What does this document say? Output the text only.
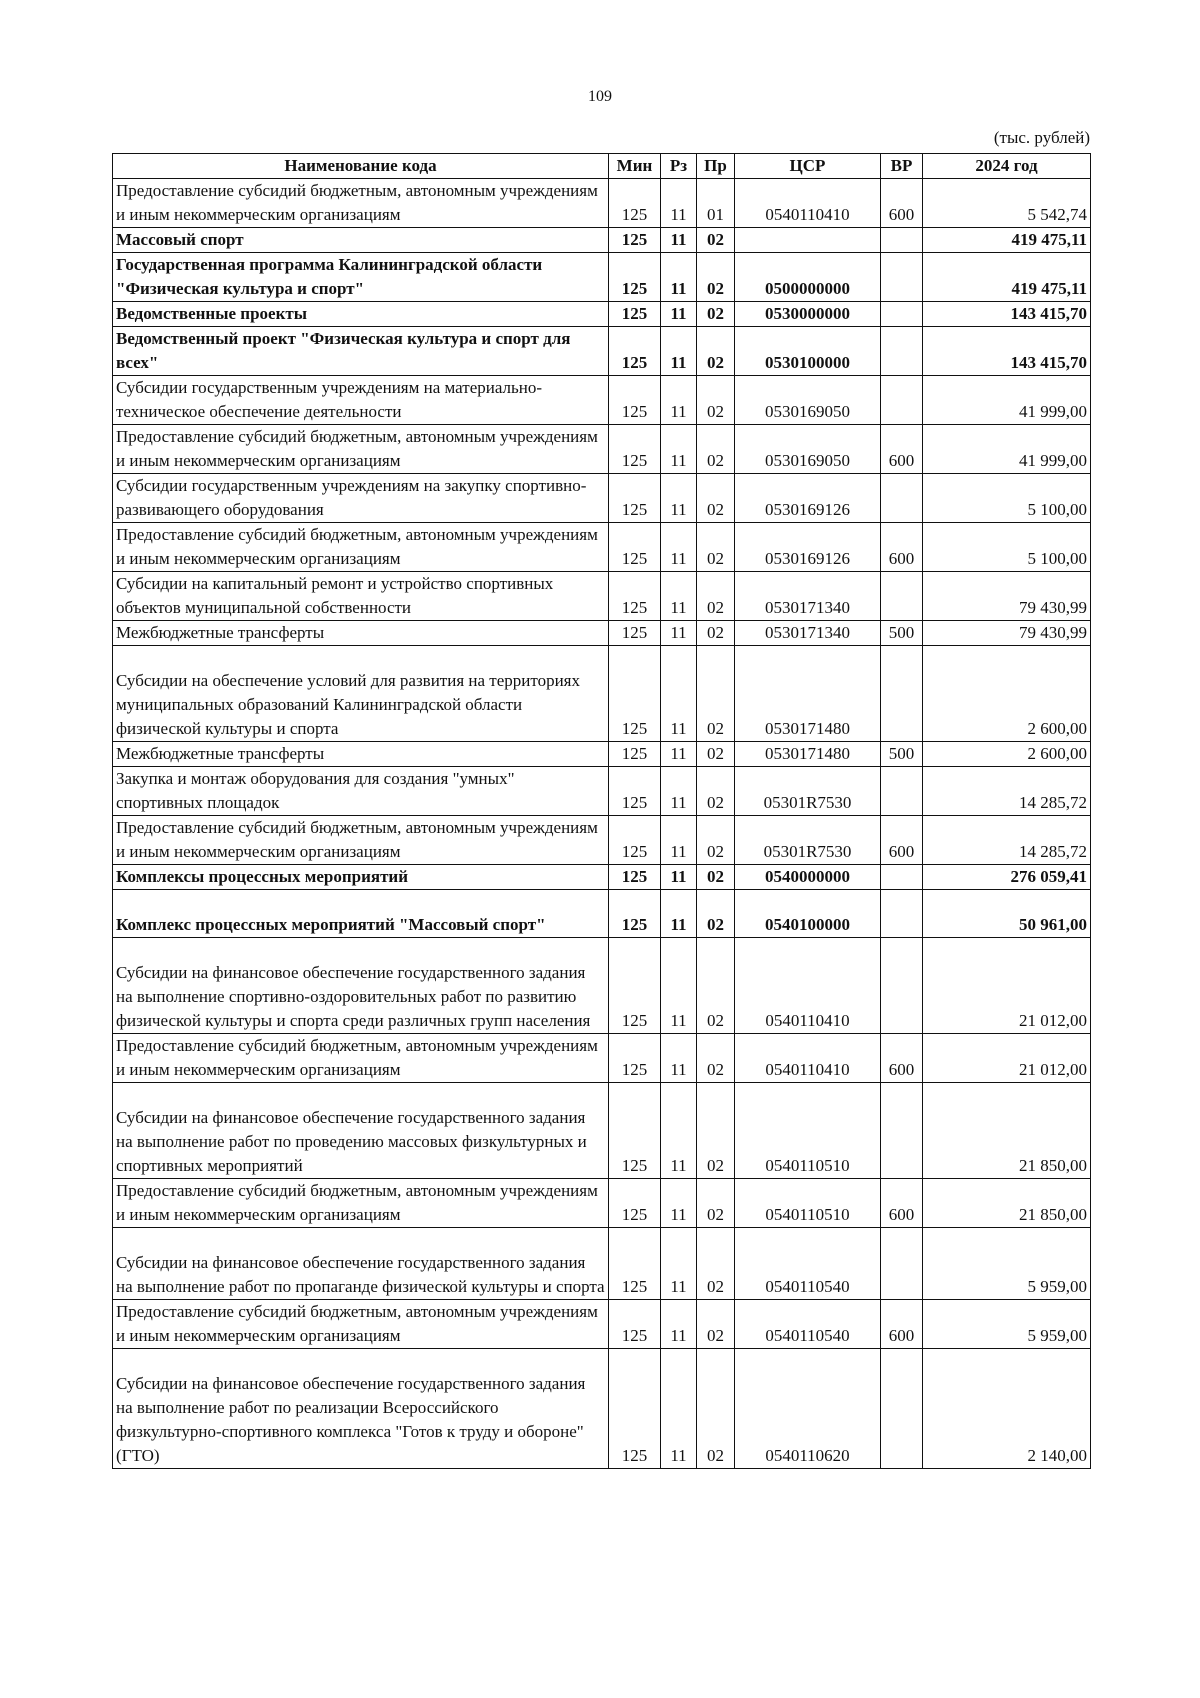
109
(тыс. рублей)
Наименование кода	Мин	Рз	Пр	ЦСР	ВР	2024 год
Предоставление субсидий бюджетным, автономным учреждениям и иным некоммерческим организациям	125	11	01	0540110410	600	5 542,74
Массовый спорт	125	11	02			419 475,11
Государственная программа Калининградской области "Физическая культура и спорт"	125	11	02	0500000000		419 475,11
Ведомственные проекты	125	11	02	0530000000		143 415,70
Ведомственный проект "Физическая культура и спорт для всех"	125	11	02	0530100000		143 415,70
Субсидии государственным учреждениям на материально-техническое обеспечение деятельности	125	11	02	0530169050		41 999,00
Предоставление субсидий бюджетным, автономным учреждениям и иным некоммерческим организациям	125	11	02	0530169050	600	41 999,00
Субсидии государственным учреждениям на закупку спортивно-развивающего оборудования	125	11	02	0530169126		5 100,00
Предоставление субсидий бюджетным, автономным учреждениям и иным некоммерческим организациям	125	11	02	0530169126	600	5 100,00
Субсидии на капитальный ремонт и устройство спортивных объектов муниципальной собственности	125	11	02	0530171340		79 430,99
Межбюджетные трансферты	125	11	02	0530171340	500	79 430,99
Субсидии на обеспечение условий для развития на территориях муниципальных образований Калининградской области физической культуры и спорта	125	11	02	0530171480		2 600,00
Межбюджетные трансферты	125	11	02	0530171480	500	2 600,00
Закупка и монтаж оборудования для создания "умных" спортивных площадок	125	11	02	05301R7530		14 285,72
Предоставление субсидий бюджетным, автономным учреждениям и иным некоммерческим организациям	125	11	02	05301R7530	600	14 285,72
Комплексы процессных мероприятий	125	11	02	0540000000		276 059,41
Комплекс процессных мероприятий "Массовый спорт"	125	11	02	0540100000		50 961,00
Субсидии на финансовое обеспечение государственного задания на выполнение спортивно-оздоровительных работ по развитию физической культуры и спорта среди различных групп населения	125	11	02	0540110410		21 012,00
Предоставление субсидий бюджетным, автономным учреждениям и иным некоммерческим организациям	125	11	02	0540110410	600	21 012,00
Субсидии на финансовое обеспечение государственного задания на выполнение работ по проведению массовых физкультурных и спортивных мероприятий	125	11	02	0540110510		21 850,00
Предоставление субсидий бюджетным, автономным учреждениям и иным некоммерческим организациям	125	11	02	0540110510	600	21 850,00
Субсидии на финансовое обеспечение государственного задания на выполнение работ по пропаганде физической культуры и спорта	125	11	02	0540110540		5 959,00
Предоставление субсидий бюджетным, автономным учреждениям и иным некоммерческим организациям	125	11	02	0540110540	600	5 959,00
Субсидии на финансовое обеспечение государственного задания на выполнение работ по реализации Всероссийского физкультурно-спортивного комплекса "Готов к труду и обороне" (ГТО)	125	11	02	0540110620		2 140,00
